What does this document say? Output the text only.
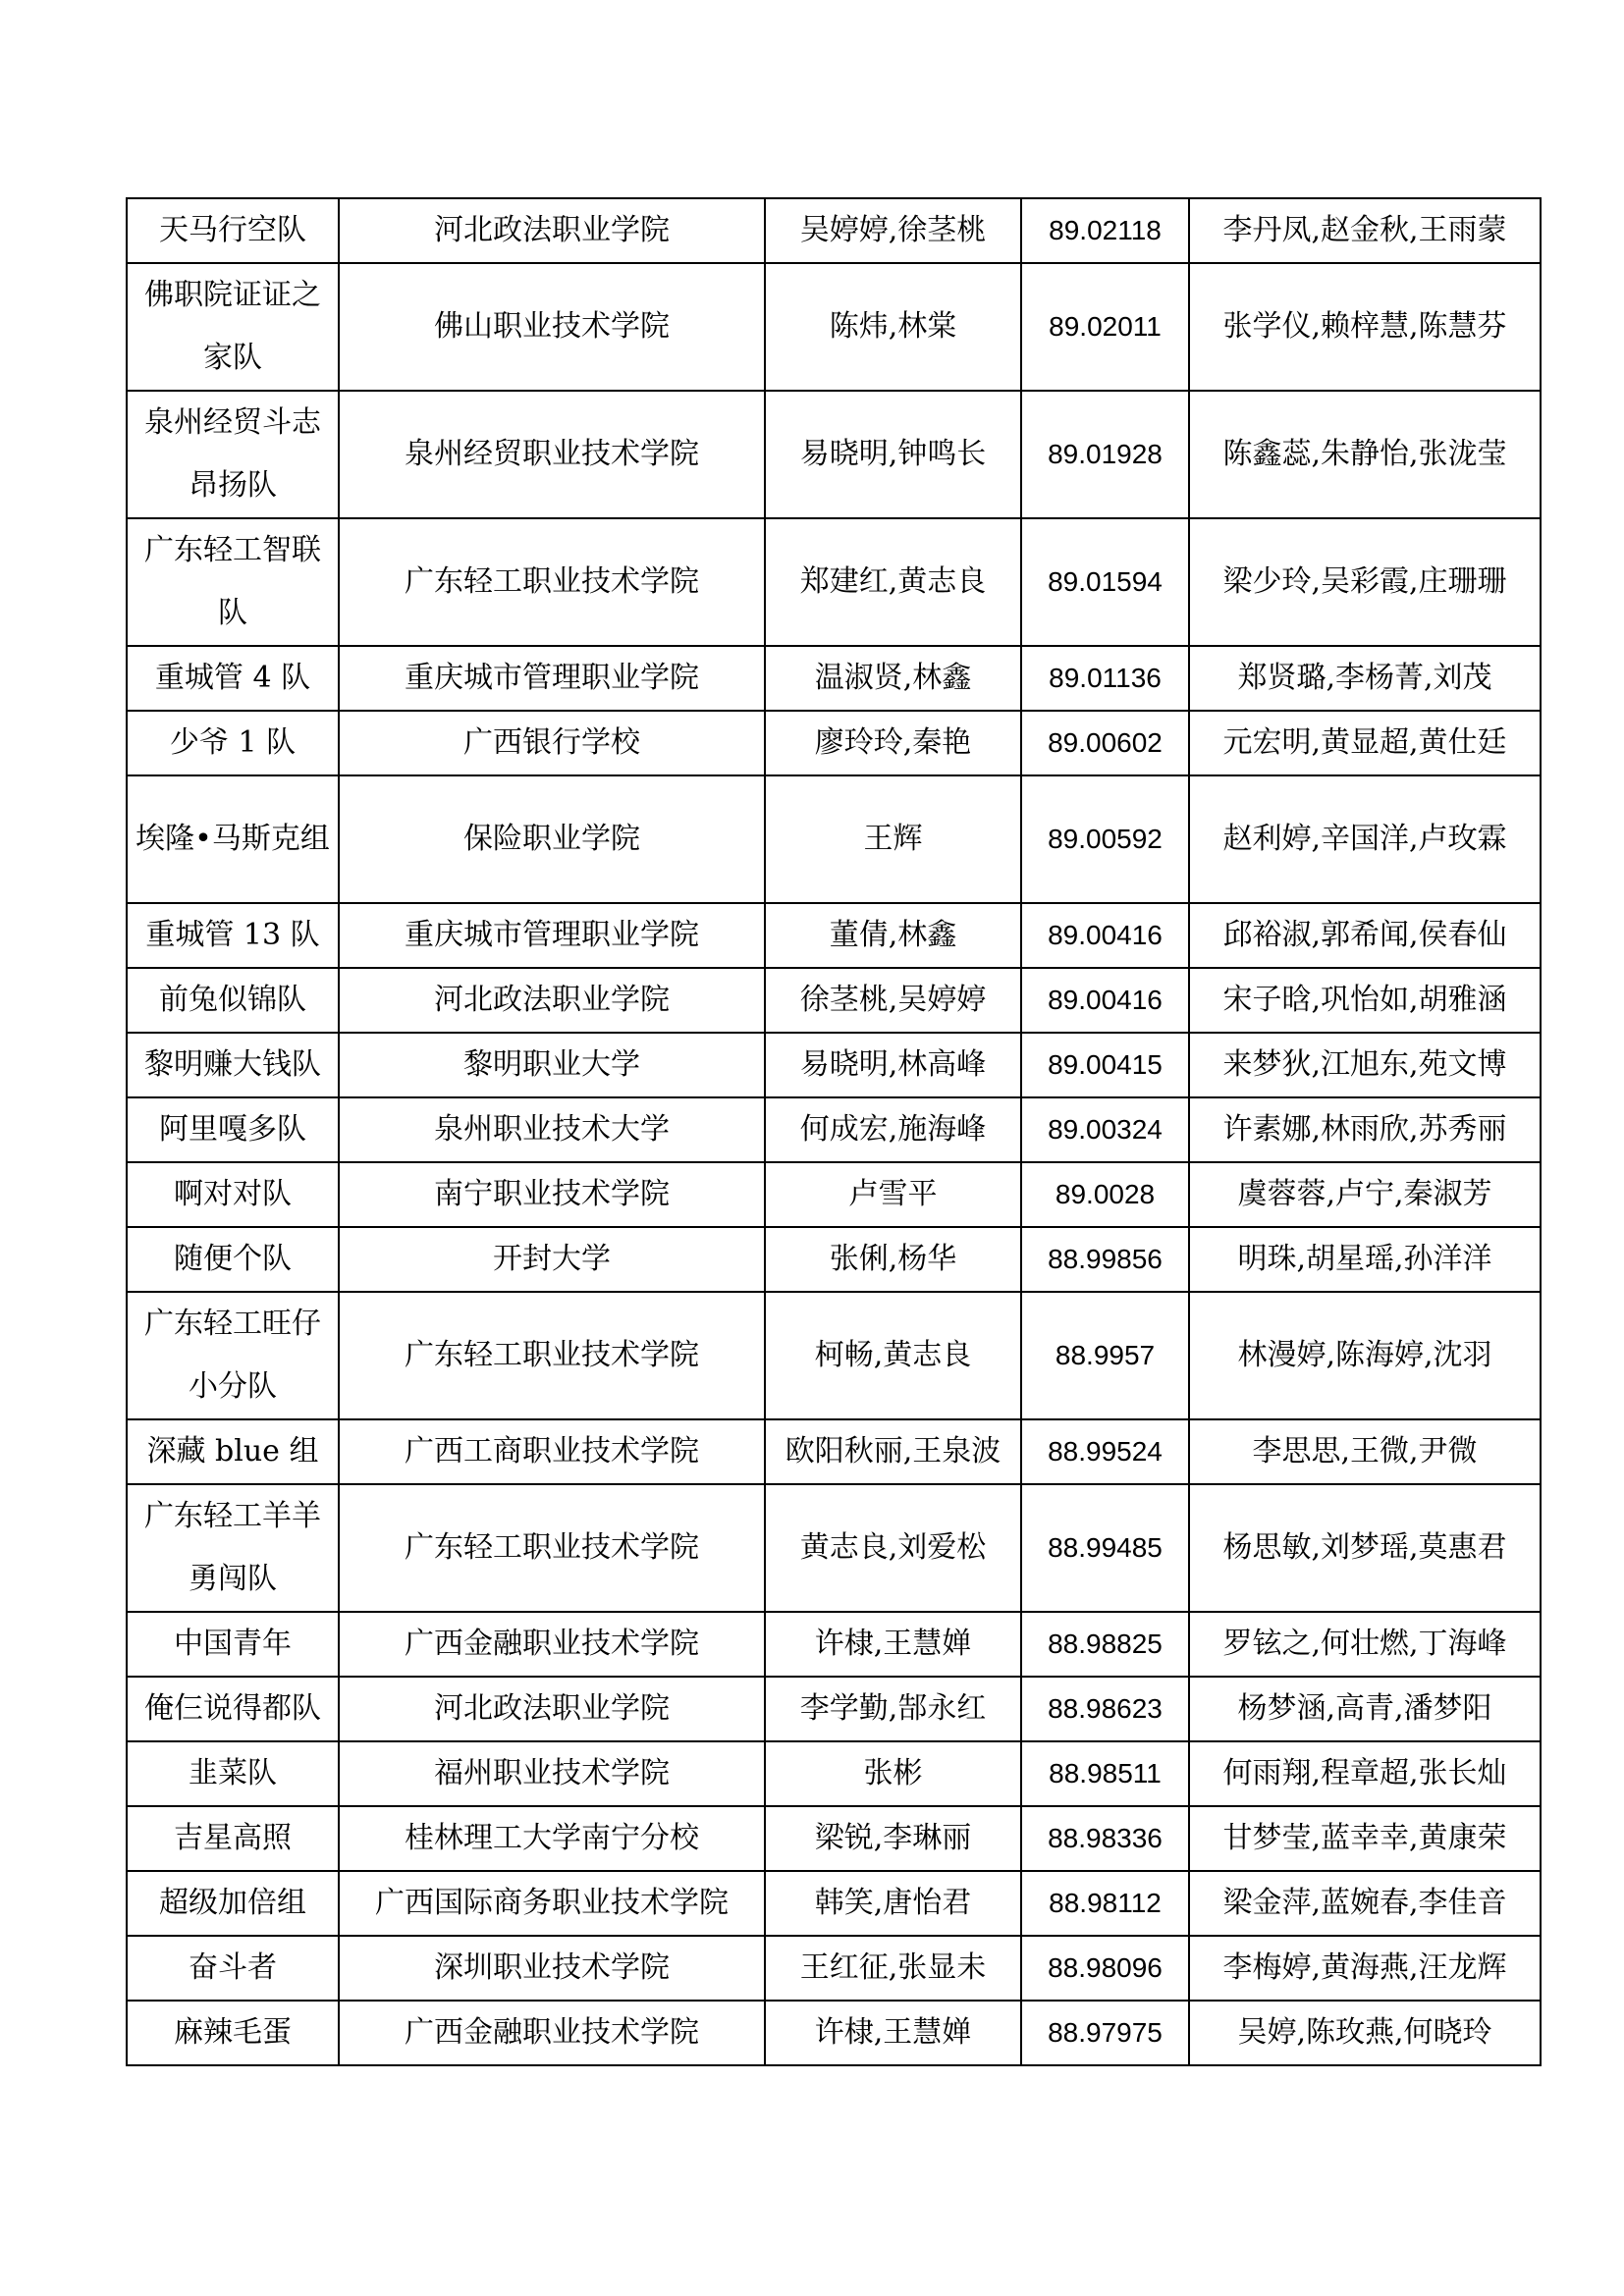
天马行空队	河北政法职业学院	吴婷婷,徐茎桃	89.02118	李丹凤,赵金秋,王雨蒙
佛职院证证之家队	佛山职业技术学院	陈炜,林棠	89.02011	张学仪,赖梓慧,陈慧芬
泉州经贸斗志昂扬队	泉州经贸职业技术学院	易晓明,钟鸣长	89.01928	陈鑫蕊,朱静怡,张泷莹
广东轻工智联队	广东轻工职业技术学院	郑建红,黄志良	89.01594	梁少玲,吴彩霞,庄珊珊
重城管 4 队	重庆城市管理职业学院	温淑贤,林鑫	89.01136	郑贤璐,李杨菁,刘茂
少爷 1 队	广西银行学校	廖玲玲,秦艳	89.00602	元宏明,黄显超,黄仕廷
埃隆•马斯克组	保险职业学院	王辉	89.00592	赵利婷,辛国洋,卢玫霖
重城管 13 队	重庆城市管理职业学院	董倩,林鑫	89.00416	邱裕淑,郭希闻,侯春仙
前兔似锦队	河北政法职业学院	徐茎桃,吴婷婷	89.00416	宋子晗,巩怡如,胡雅涵
黎明赚大钱队	黎明职业大学	易晓明,林高峰	89.00415	来梦狄,江旭东,苑文博
阿里嘎多队	泉州职业技术大学	何成宏,施海峰	89.00324	许素娜,林雨欣,苏秀丽
啊对对队	南宁职业技术学院	卢雪平	89.0028	虞蓉蓉,卢宁,秦淑芳
随便个队	开封大学	张俐,杨华	88.99856	明珠,胡星瑶,孙洋洋
广东轻工旺仔小分队	广东轻工职业技术学院	柯畅,黄志良	88.9957	林漫婷,陈海婷,沈羽
深藏 blue 组	广西工商职业技术学院	欧阳秋丽,王泉波	88.99524	李思思,王微,尹微
广东轻工羊羊勇闯队	广东轻工职业技术学院	黄志良,刘爱松	88.99485	杨思敏,刘梦瑶,莫惠君
中国青年	广西金融职业技术学院	许棣,王慧婵	88.98825	罗铉之,何壮燃,丁海峰
俺仨说得都队	河北政法职业学院	李学勤,郜永红	88.98623	杨梦涵,高青,潘梦阳
韭菜队	福州职业技术学院	张彬	88.98511	何雨翔,程章超,张长灿
吉星高照	桂林理工大学南宁分校	梁锐,李琳丽	88.98336	甘梦莹,蓝幸幸,黄康荣
超级加倍组	广西国际商务职业技术学院	韩笑,唐怡君	88.98112	梁金萍,蓝婉春,李佳音
奋斗者	深圳职业技术学院	王红征,张显未	88.98096	李梅婷,黄海燕,汪龙辉
麻辣毛蛋	广西金融职业技术学院	许棣,王慧婵	88.97975	吴婷,陈玫燕,何晓玲
